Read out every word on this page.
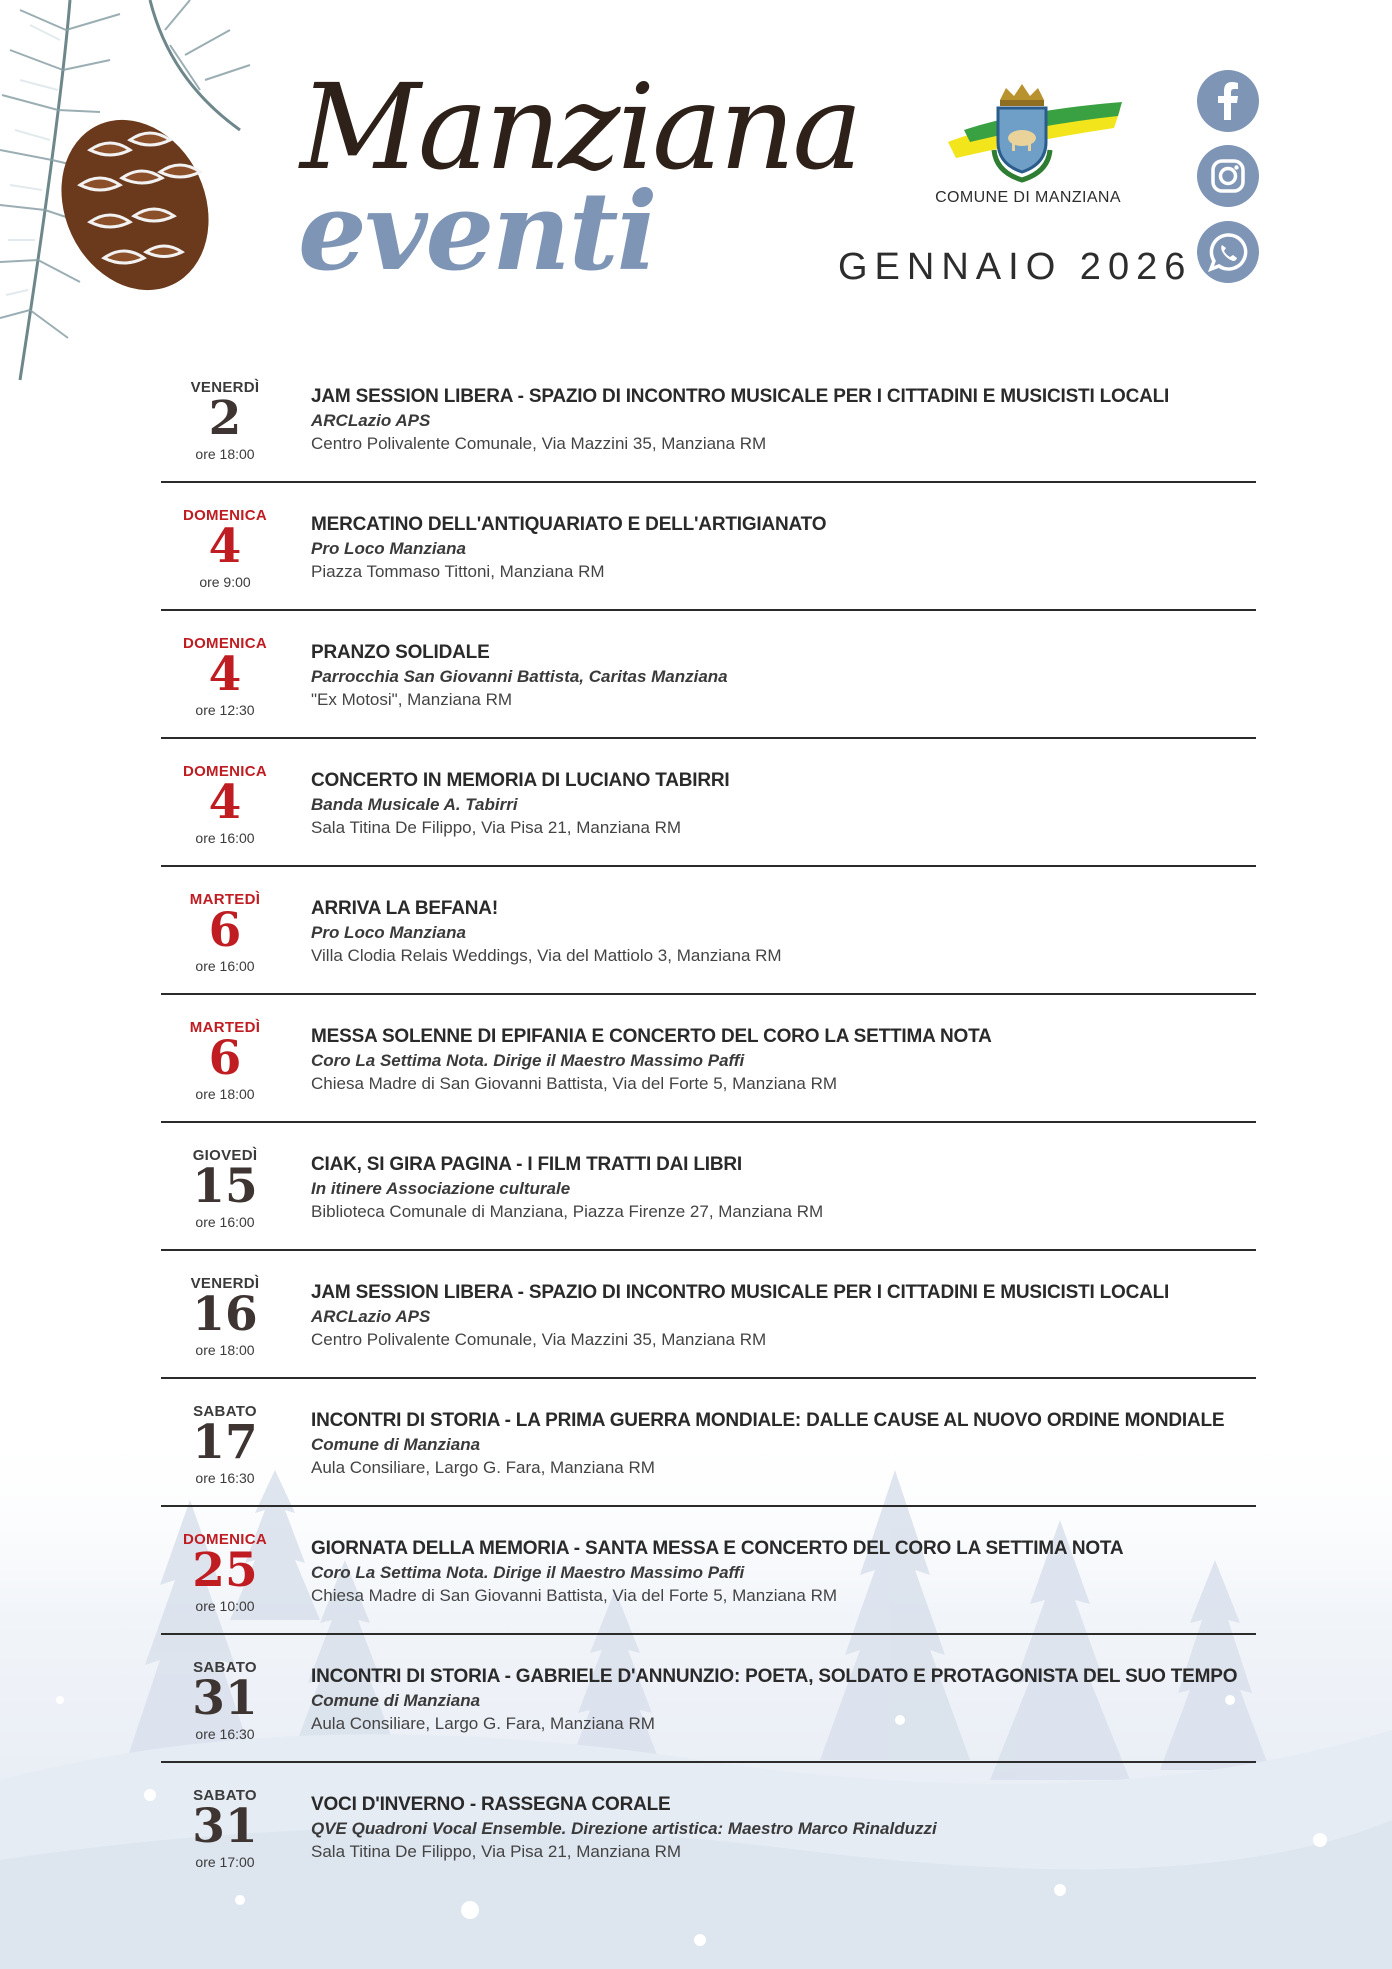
Manziana
eventi	COMUNE DI MANZIANA
GENNAIO 2026
VENERDÌ
2
ore 18:00
JAM SESSION LIBERA - SPAZIO DI INCONTRO MUSICALE PER I CITTADINI E MUSICISTI LOCALI
ARCLazio APS
Centro Polivalente Comunale, Via Mazzini 35, Manziana RM
DOMENICA
4
ore 9:00
MERCATINO DELL'ANTIQUARIATO E DELL'ARTIGIANATO
Pro Loco Manziana
Piazza Tommaso Tittoni, Manziana RM
DOMENICA
4
ore 12:30
PRANZO SOLIDALE
Parrocchia San Giovanni Battista, Caritas Manziana
"Ex Motosi", Manziana RM
DOMENICA
4
ore 16:00
CONCERTO IN MEMORIA DI LUCIANO TABIRRI
Banda Musicale A. Tabirri
Sala Titina De Filippo, Via Pisa 21, Manziana RM
MARTEDÌ
6
ore 16:00
ARRIVA LA BEFANA!
Pro Loco Manziana
Villa Clodia Relais Weddings, Via del Mattiolo 3, Manziana RM
MARTEDÌ
6
ore 18:00
MESSA SOLENNE DI EPIFANIA E CONCERTO DEL CORO LA SETTIMA NOTA
Coro La Settima Nota. Dirige il Maestro Massimo Paffi
Chiesa Madre di San Giovanni Battista, Via del Forte 5, Manziana RM
GIOVEDÌ
15
ore 16:00
CIAK, SI GIRA PAGINA - I FILM TRATTI DAI LIBRI
In itinere Associazione culturale
Biblioteca Comunale di Manziana, Piazza Firenze 27, Manziana RM
VENERDÌ
16
ore 18:00
JAM SESSION LIBERA - SPAZIO DI INCONTRO MUSICALE PER I CITTADINI E MUSICISTI LOCALI
ARCLazio APS
Centro Polivalente Comunale, Via Mazzini 35, Manziana RM
SABATO
17
ore 16:30
INCONTRI DI STORIA - LA PRIMA GUERRA MONDIALE: DALLE CAUSE AL NUOVO ORDINE MONDIALE
Comune di Manziana
Aula Consiliare, Largo G. Fara, Manziana RM
DOMENICA
25
ore 10:00
GIORNATA DELLA MEMORIA - SANTA MESSA E CONCERTO DEL CORO LA SETTIMA NOTA
Coro La Settima Nota. Dirige il Maestro Massimo Paffi
Chiesa Madre di San Giovanni Battista, Via del Forte 5, Manziana RM
SABATO
31
ore 16:30
INCONTRI DI STORIA - GABRIELE D'ANNUNZIO: POETA, SOLDATO E PROTAGONISTA DEL SUO TEMPO
Comune di Manziana
Aula Consiliare, Largo G. Fara, Manziana RM
SABATO
31
ore 17:00
VOCI D'INVERNO - RASSEGNA CORALE
QVE Quadroni Vocal Ensemble. Direzione artistica: Maestro Marco Rinalduzzi
Sala Titina De Filippo, Via Pisa 21, Manziana RM
